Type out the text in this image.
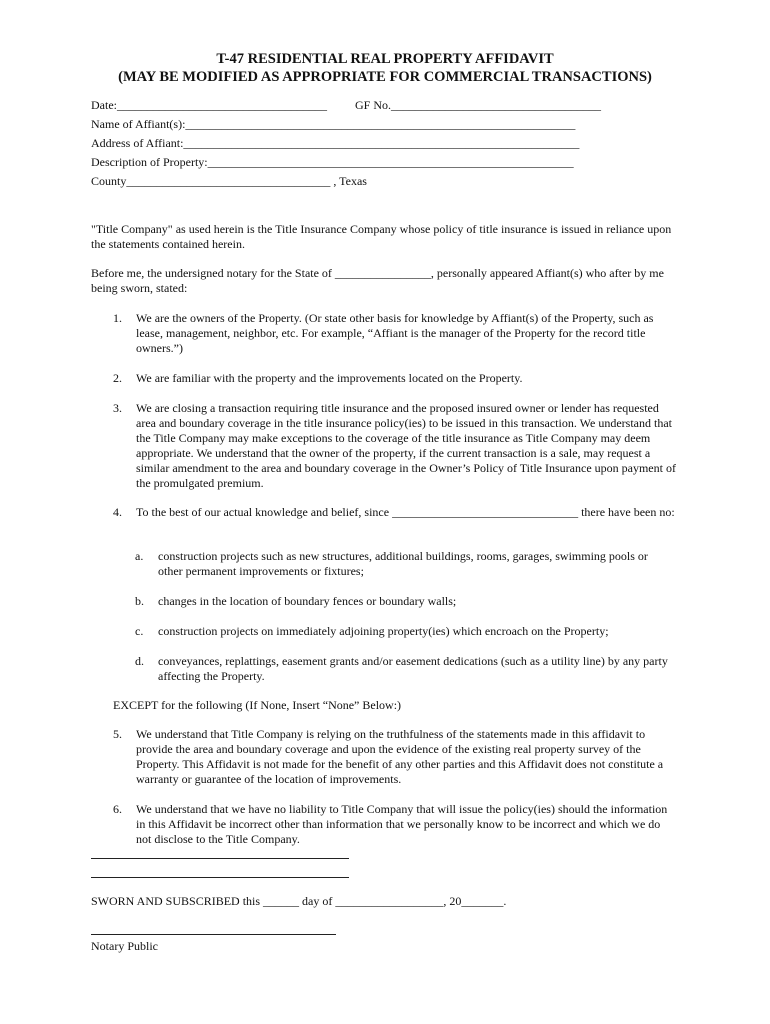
T-47 RESIDENTIAL REAL PROPERTY AFFIDAVIT
(MAY BE MODIFIED AS APPROPRIATE FOR COMMERCIAL TRANSACTIONS)
Date:___________________________________ GF No.___________________________________
Name of Affiant(s):_________________________________________________________________
Address of Affiant:__________________________________________________________________
Description of Property:_____________________________________________________________
County__________________________________ , Texas
"Title Company" as used herein is the Title Insurance Company whose policy of title insurance is issued in reliance upon the statements contained herein.
Before me, the undersigned notary for the State of ________________, personally appeared Affiant(s) who after by me being sworn, stated:
1. We are the owners of the Property. (Or state other basis for knowledge by Affiant(s) of the Property, such as lease, management, neighbor, etc. For example, “Affiant is the manager of the Property for the record title owners.”)
2. We are familiar with the property and the improvements located on the Property.
3. We are closing a transaction requiring title insurance and the proposed insured owner or lender has requested area and boundary coverage in the title insurance policy(ies) to be issued in this transaction. We understand that the Title Company may make exceptions to the coverage of the title insurance as Title Company may deem appropriate. We understand that the owner of the property, if the current transaction is a sale, may request a similar amendment to the area and boundary coverage in the Owner’s Policy of Title Insurance upon payment of the promulgated premium.
4. To the best of our actual knowledge and belief, since _______________________________ there have been no:
a. construction projects such as new structures, additional buildings, rooms, garages, swimming pools or other permanent improvements or fixtures;
b. changes in the location of boundary fences or boundary walls;
c. construction projects on immediately adjoining property(ies) which encroach on the Property;
d. conveyances, replattings, easement grants and/or easement dedications (such as a utility line) by any party affecting the Property.
EXCEPT for the following (If None, Insert “None” Below:)
5. We understand that Title Company is relying on the truthfulness of the statements made in this affidavit to provide the area and boundary coverage and upon the evidence of the existing real property survey of the Property. This Affidavit is not made for the benefit of any other parties and this Affidavit does not constitute a warranty or guarantee of the location of improvements.
6. We understand that we have no liability to Title Company that will issue the policy(ies) should the information in this Affidavit be incorrect other than information that we personally know to be incorrect and which we do not disclose to the Title Company.
SWORN AND SUBSCRIBED this ______ day of __________________, 20_______.
Notary Public
